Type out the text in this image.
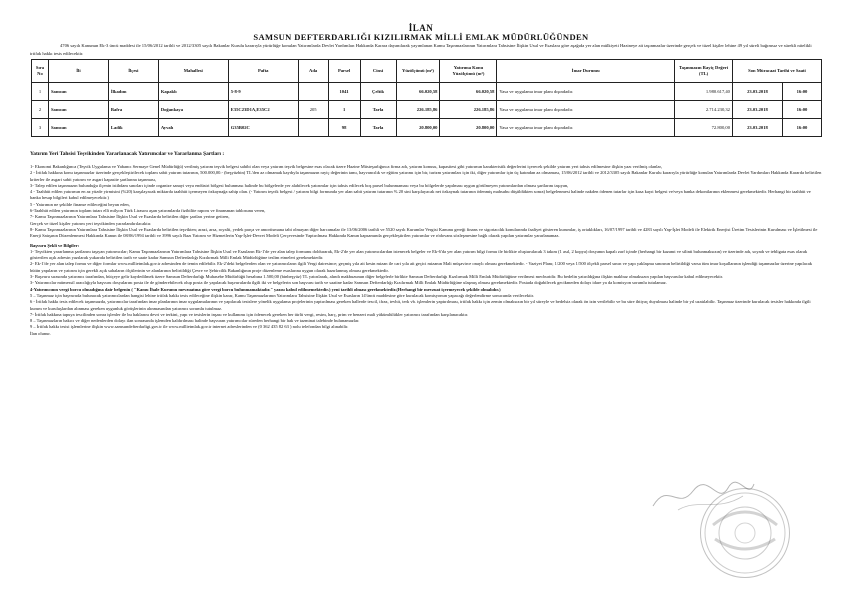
İLAN
SAMSUN DEFTERDARLIĞI KIZILIRMAK MİLLİ EMLAK MÜDÜRLÜĞÜNDEN
4706 sayılı Kanunun Ek-3 üncü maddesi ile 15/06/2012 tarihli ve 2012/3305 sayılı Bakanlar Kurulu kararıyla yürürlüğe konulan Yatırımlarda Devlet Yardımları Hakkında Karara dayanılarak yayımlanan Kamu Taşınmazlarının Yatırımlara Tahsisine İlişkin Usul ve Esaslara göre aşağıda yer alan mülkiyeti Hazineye ait taşınmazlar üzerinde gerçek ve tüzel kişiler lehine 49 yıl süreli bağımsız ve sürekli nitelikli irtifak hakkı tesis edilecektir.
Sıra No	İli	İlçesi	Mahallesi	Pafta	Ada	Parsel	Cinsi	Yüzölçümü (m²)	Yatırıma Konu Yüzölçümü (m²)	İmar Durumu	Taşınmazın Rayiç Değeri (TL)	Son Müracaat Tarihi ve Saati	
1	Samsun	İlkadım	Kapaklı	5-8-9		1041	Çeltik	66.020,58	66.020,58	Yasa ve uygulama imar planı dışındadır.	1.980.617,40	23.03.2018	16:00
2	Samsun	Bafra	Doğankaya	E35C23D1A,E35C2	205	1	Tarla	226.185,86	226.185,86	Yasa ve uygulama imar planı dışındadır.	2.714.230,32	23.03.2018	16:00
3	Samsun	Ladik	Ayvalı	G35B02C		98	Tarla	20.800,00	20.800,00	Yasa ve uygulama imar planı dışındadır.	72.800,00	23.03.2018	16:00
Yatırım Yeri Tahsisi Teşvikinden Yararlanacak Yatırımcılar ve Yararlanma Şartları :

1- Ekonomi Bakanlığınca (Teşvik Uygulama ve Yabancı Sermaye Genel Müdürlüğü) verilmiş yatırım teşvik belgesi sahibi olan veya yatırım teşvik belgesine esas olacak üzere Hazine Müsteşarlığınca firma adı, yatırım konusu, kapasitesi gibi yatırımın karakteristik değerlerini içerecek şekilde yatırım yeri tahsis edilmesine ilişkin yazı verilmiş olanlar,

2 - İrtifak hakkına konu taşınmazlar üzerinde gerçekleştirilecek toplam sabit yatırım tutarının, 500.000,00.- (beşyüzbin) TL'den az olmamak kaydıyla taşınmazın rayiç değerinin tamı, hayvancılık ve eğitim yatırımı için bir, turizm yatırımları için iki, diğer yatırımlar için üç katından az olmaması, 15/06/2012 tarihli ve 2012/3305 sayılı Bakanlar Kurulu kararıyla yürürlüğe konulan Yatırımlarda Devlet Yardımları Hakkında Kararda belirtilen kriterler ile asgari sabit yatırım ve asgari kapasite şartlarına taşınması,

3- Talep edilen taşınmazın bulunduğu ilçenin istihdam sınırları içinde organize sanayi veya endüstri bölgesi bulunması halinde bu bölgelerde yer alabilecek yatırımlar için tahsis edilecek boş parsel bulunmaması veya bu bölgelerde yapılması uygun görülmeyen yatırımlardan olması şartlarını taşıyan,

4 - Taahhüt edilen yatırımın en az yüzde yirmisini (%20) karşılayacak miktarda taahhüt içermeyen özkaynağa sahip olan. (- Yatırım teşvik belgesi / yatırım bilgi formunda yer alan sabit yatırım tutarının % 20 sini karşılayacak net özkaynak tutarının ödenmiş mahsubu düşüldükten sonra) belgelenmesi halinde nakden ödenen tutarlar için kasa kayıt belgesi ve/veya banka dekontlarının eklenmesi gerekmektedir. Herhangi bir taahhüt ve banka hesap bilgileri kabul edilmeyecektir.)

5 - Yatırımın ne şekilde finanse edileceğini beyan eden,

6-Taahhüt edilen yatırımın toplam tutarı elli milyon Türk Lirasını aşan yatırımlarda fizibilite raporu ve finansman tablosunu veren,

7- Kamu Taşınmazlarının Yatırımlara Tahsisine İlişkin Usul ve Esaslarda belirtilen diğer şartları yerine getiren,

Gerçek ve tüzel kişiler yatırım yeri teşvikinden yararlandırılacaktır.

8- Kamu Taşınmazlarının Yatırımlara Tahsisine İlişkin Usul ve Esaslarda belirtilen teşvikten; arazi, arsa, royalti, yedek parça ve amortismana tabi olmayan diğer harcamalar ile 13/06/2006 tarihli ve 5520 sayılı Kurumlar Vergisi Kanunu gereği finans ve sigortacılık konularında faaliyet gösteren kurumlar, iş ortaklıkları, 16/07/1997 tarihli ve 4283 sayılı Yap-İşlet Modeli ile Elektrik Enerjisi Üretim Tesislerinin Kurulması ve İşletilmesi ile Enerji Satışının Düzenlenmesi Hakkında Kanun ile 08/06/1994 tarihli ve 3996 sayılı Bazı Yatırım ve Hizmetlerin Yap-İşlet-Devret Modeli Çerçevesinde Yaptırılması Hakkında Kanun kapsamında gerçekleştirilen yatırımlar ve rödovans sözleşmesine bağlı olarak yapılan yatırımlar yararlanamaz.

Başvuru Şekli ve Bilgiler:

1- Teşvikten yararlanma şartlarını taşıyan yatırımcılar; Kamu Taşınmazlarının Yatırımlara Tahsisine İlişkin Usul ve Esasların Ek-1'de yer alan talep formunu doldurarak, Ek-2'de yer alan yatırımcılardan istenecek belgeler ve Ek-6'da yer alan yatırım bilgi formu ile birlikte oluşturulacak 3 takım (1 asıl, 2 kopya) dosyanın kapalı zarf içinde (herhangi bir kazanıt ve silinti bulunmaksızın) ve üzerinde adı, soyadı ve tebligata esas olarak gösterilen açık adresin yazılarak yukarıda belirtilen tarih ve saate kadar Samsun Defterdarlığı Kızılırmak Milli Emlak Müdürlüğüne teslim etmeleri gerekmektedir.

2- Ek-1'de yer alan talep formu ve diğer formlar www.millietmlak.gov.tr adresinden de temin edilebilir. Ek-2'deki belgelerden olan ve yatırımcıların ilgili Vergi dairesince; geçmiş yıla ait kesin mizan ile cari yıla ait geçici mizanın Mali müşavirce onaylı olması gerekmektedir. - Vaziyet Planı; 1/200 veya 1/500 ölçekli parsel sınırı ve yapı yaklaşma sınırının belirtildiği varsa tüm imar koşullarının işlendiği taşınmazlar üzerine yapılacak bütün yapıların ve yatırım için gerekli açık sahaların ölçülerinin ve alanlarının belirtildiği Çevre ve Şehircilik Bakanlığının proje düzenleme esaslarına uygun olarak hazırlanmış olması gerekmektedir.

3- Başvuru sırasında yatırımcı tarafından, bütçeye gelir kaydedilmek üzere Samsun Defterdarlığı Muhasebe Müdürlüğü hesabına 1.500,00 (binbeşyüz) TL yatırılarak, alındı makbuzunun diğer belgelerle birlikte Samsun Defterdarlığı Kızılırmak Milli Emlak Müdürlüğüne verilmesi mecburidir. Bu bedelin yatırıldığına ilişkin makbuz olmaksızın yapılan başvurular kabul edilmeyecektir.

3- Yatırımcılar mümessil aracılığıyla başvuru dosyalarını posta ile de gönderebilecek olup posta ile yapılacak başvurularda ilgili iki ve belgelerin son başvuru tarih ve saatine kadar Samsun Defterdarlığı Kızılırmak Milli Emlak Müdürlüğüne ulaşmış olması gerekmektedir. Postada doğabilecek gecikmeden dolayı idare ya da komisyon sorumlu tutulamaz.

4-Yatırımcının vergi borcu olmadığına dair belgenin ( "Kamu İhale Kurumu mevzuatına göre vergi borcu bulunmamaktadır." yazısı kabul edilmemektedir.) yeni tarihli olması gerekmektedir.(Herhangi bir mevzuat içermeyecek şekilde olmalıdır.)

5 – Taşınmaz için başvuruda bulunacak yatırımcılardan hangisi lehine irtifak hakkı tesis edileceğine ilişkin karar, Kamu Taşınmazlarının Yatırımlara Tahsisine İlişkin Usul ve Esasların 14'üncü maddesine göre kurulacak komisyonun yapacağı değerlendirme sonucunda verilecektir.

6 - İrtifak hakkı tesis edilecek taşınmazda, yatırımcılar tarafından imar planlarının imar uygulamalarının ve yapılacak tesislere yönelik uygulama projelerinin yaptırılması gereken hallerde tescil, ifraz, tevhit, terk vb. işlemlerin yaptırılması, irtifak hakkı için zemin olmaksızın bir yıl süreyle ve bedelsiz olarak ön izin verilebilir ve bu süre ihtiyaç duyulması halinde bir yıl uzatılabilir. Taşınmaz üzerinde kurulacak tesisler hakkında ilgili kurum ve kuruluşlardan alınması gereken uygunluk görüşlerinin alınmasından yatırımcı sorumlu tutulmaz.

7- İrtifak hakkına tapuya tescilinden sonra işlenler ile bu haklarını devri ve terkini, yapı ve tesislerin inşası ve kullanımı için ödenecek gereken her türlü vergi, resim, harç, prim ve benzeri mali yükümlülükler yatırımcı tarafından karşılanacaktır.

8 – Taşınmazların bakıcı ve diğer nedenlerden dolayı ilan sonrasında işlemden kaldırılması halinde başvuran yatırımcılar süreden herhangi bir hak ve tazminat talebinde bulunamazlar.

9 – İrtifak hakkı tesisi işlemlerine ilişkin www.samsundefterdarligi.gov.tr ile www.millietmlak.gov.tr internet adreslerinden ve (0 362 435 82 63 ) nolu telefondan bilgi alınabilir.

İlan olunur.
